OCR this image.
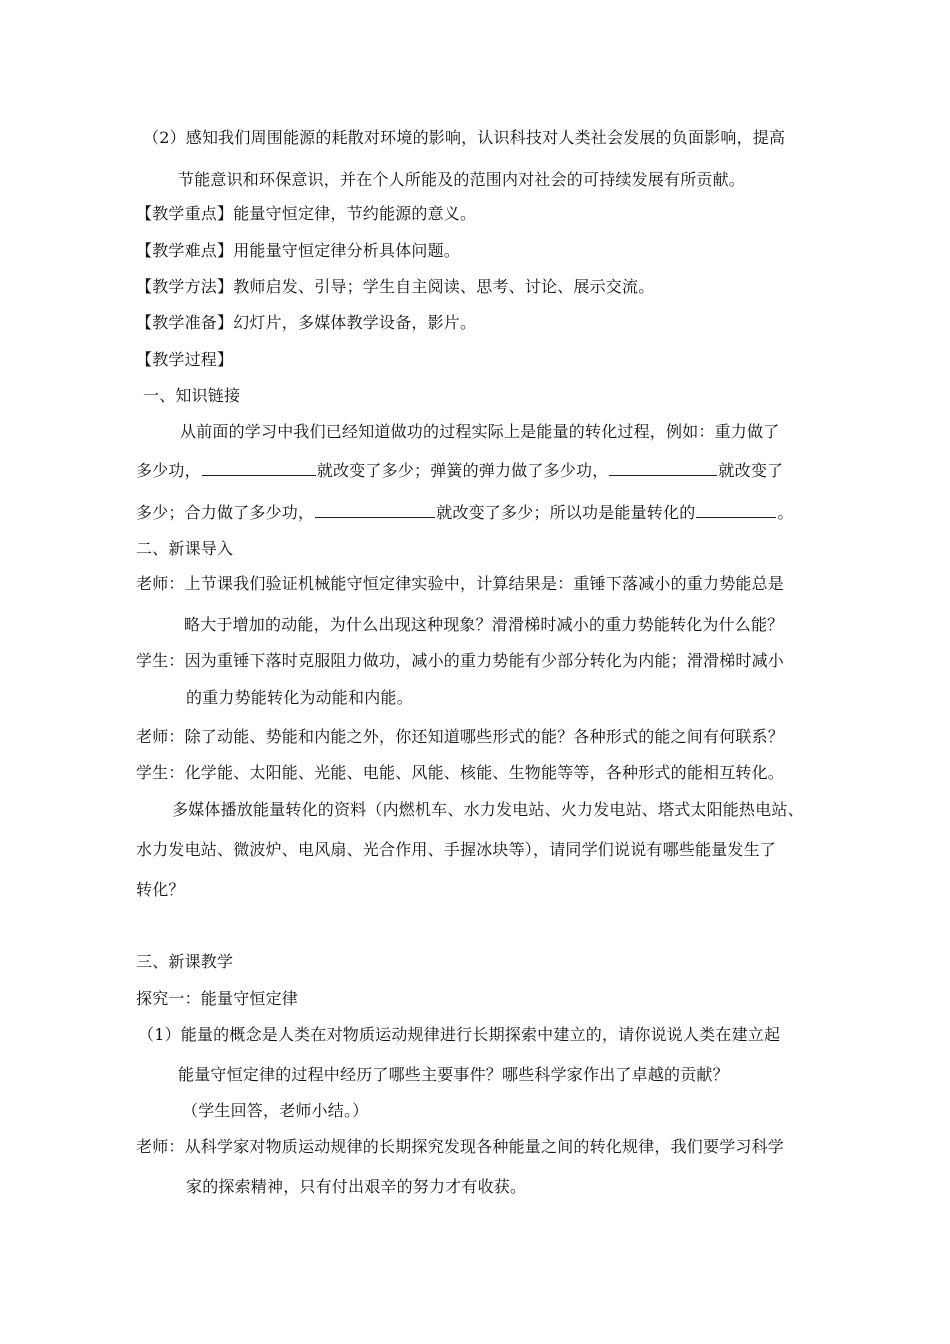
（2）感知我们周围能源的耗散对环境的影响，认识科技对人类社会发展的负面影响，提高
节能意识和环保意识，并在个人所能及的范围内对社会的可持续发展有所贡献。
【教学重点】能量守恒定律，节约能源的意义。
【教学难点】用能量守恒定律分析具体问题。
【教学方法】教师启发、引导；学生自主阅读、思考、讨论、展示交流。
【教学准备】幻灯片，多媒体教学设备，影片。
【教学过程】
一、知识链接
从前面的学习中我们已经知道做功的过程实际上是能量的转化过程，例如：重力做了
多少功，	就改变了多少；弹簧的弹力做了多少功，	就改变了
多少；合力做了多少功，	就改变了多少；所以功是能量转化的	。
二、新课导入
老师：上节课我们验证机械能守恒定律实验中，计算结果是：重锤下落减小的重力势能总是
略大于增加的动能，为什么出现这种现象？滑滑梯时减小的重力势能转化为什么能？
学生：因为重锤下落时克服阻力做功，减小的重力势能有少部分转化为内能；滑滑梯时减小
的重力势能转化为动能和内能。
老师：除了动能、势能和内能之外，你还知道哪些形式的能？各种形式的能之间有何联系？
学生：化学能、太阳能、光能、电能、风能、核能、生物能等等，各种形式的能相互转化。
多媒体播放能量转化的资料（内燃机车、水力发电站、火力发电站、塔式太阳能热电站、
水力发电站、微波炉、电风扇、光合作用、手握冰块等），请同学们说说有哪些能量发生了
转化？
三、新课教学
探究一：能量守恒定律
（1）能量的概念是人类在对物质运动规律进行长期探索中建立的，请你说说人类在建立起
能量守恒定律的过程中经历了哪些主要事件？哪些科学家作出了卓越的贡献？
（学生回答，老师小结。）
老师：从科学家对物质运动规律的长期探究发现各种能量之间的转化规律，我们要学习科学
家的探索精神，只有付出艰辛的努力才有收获。
